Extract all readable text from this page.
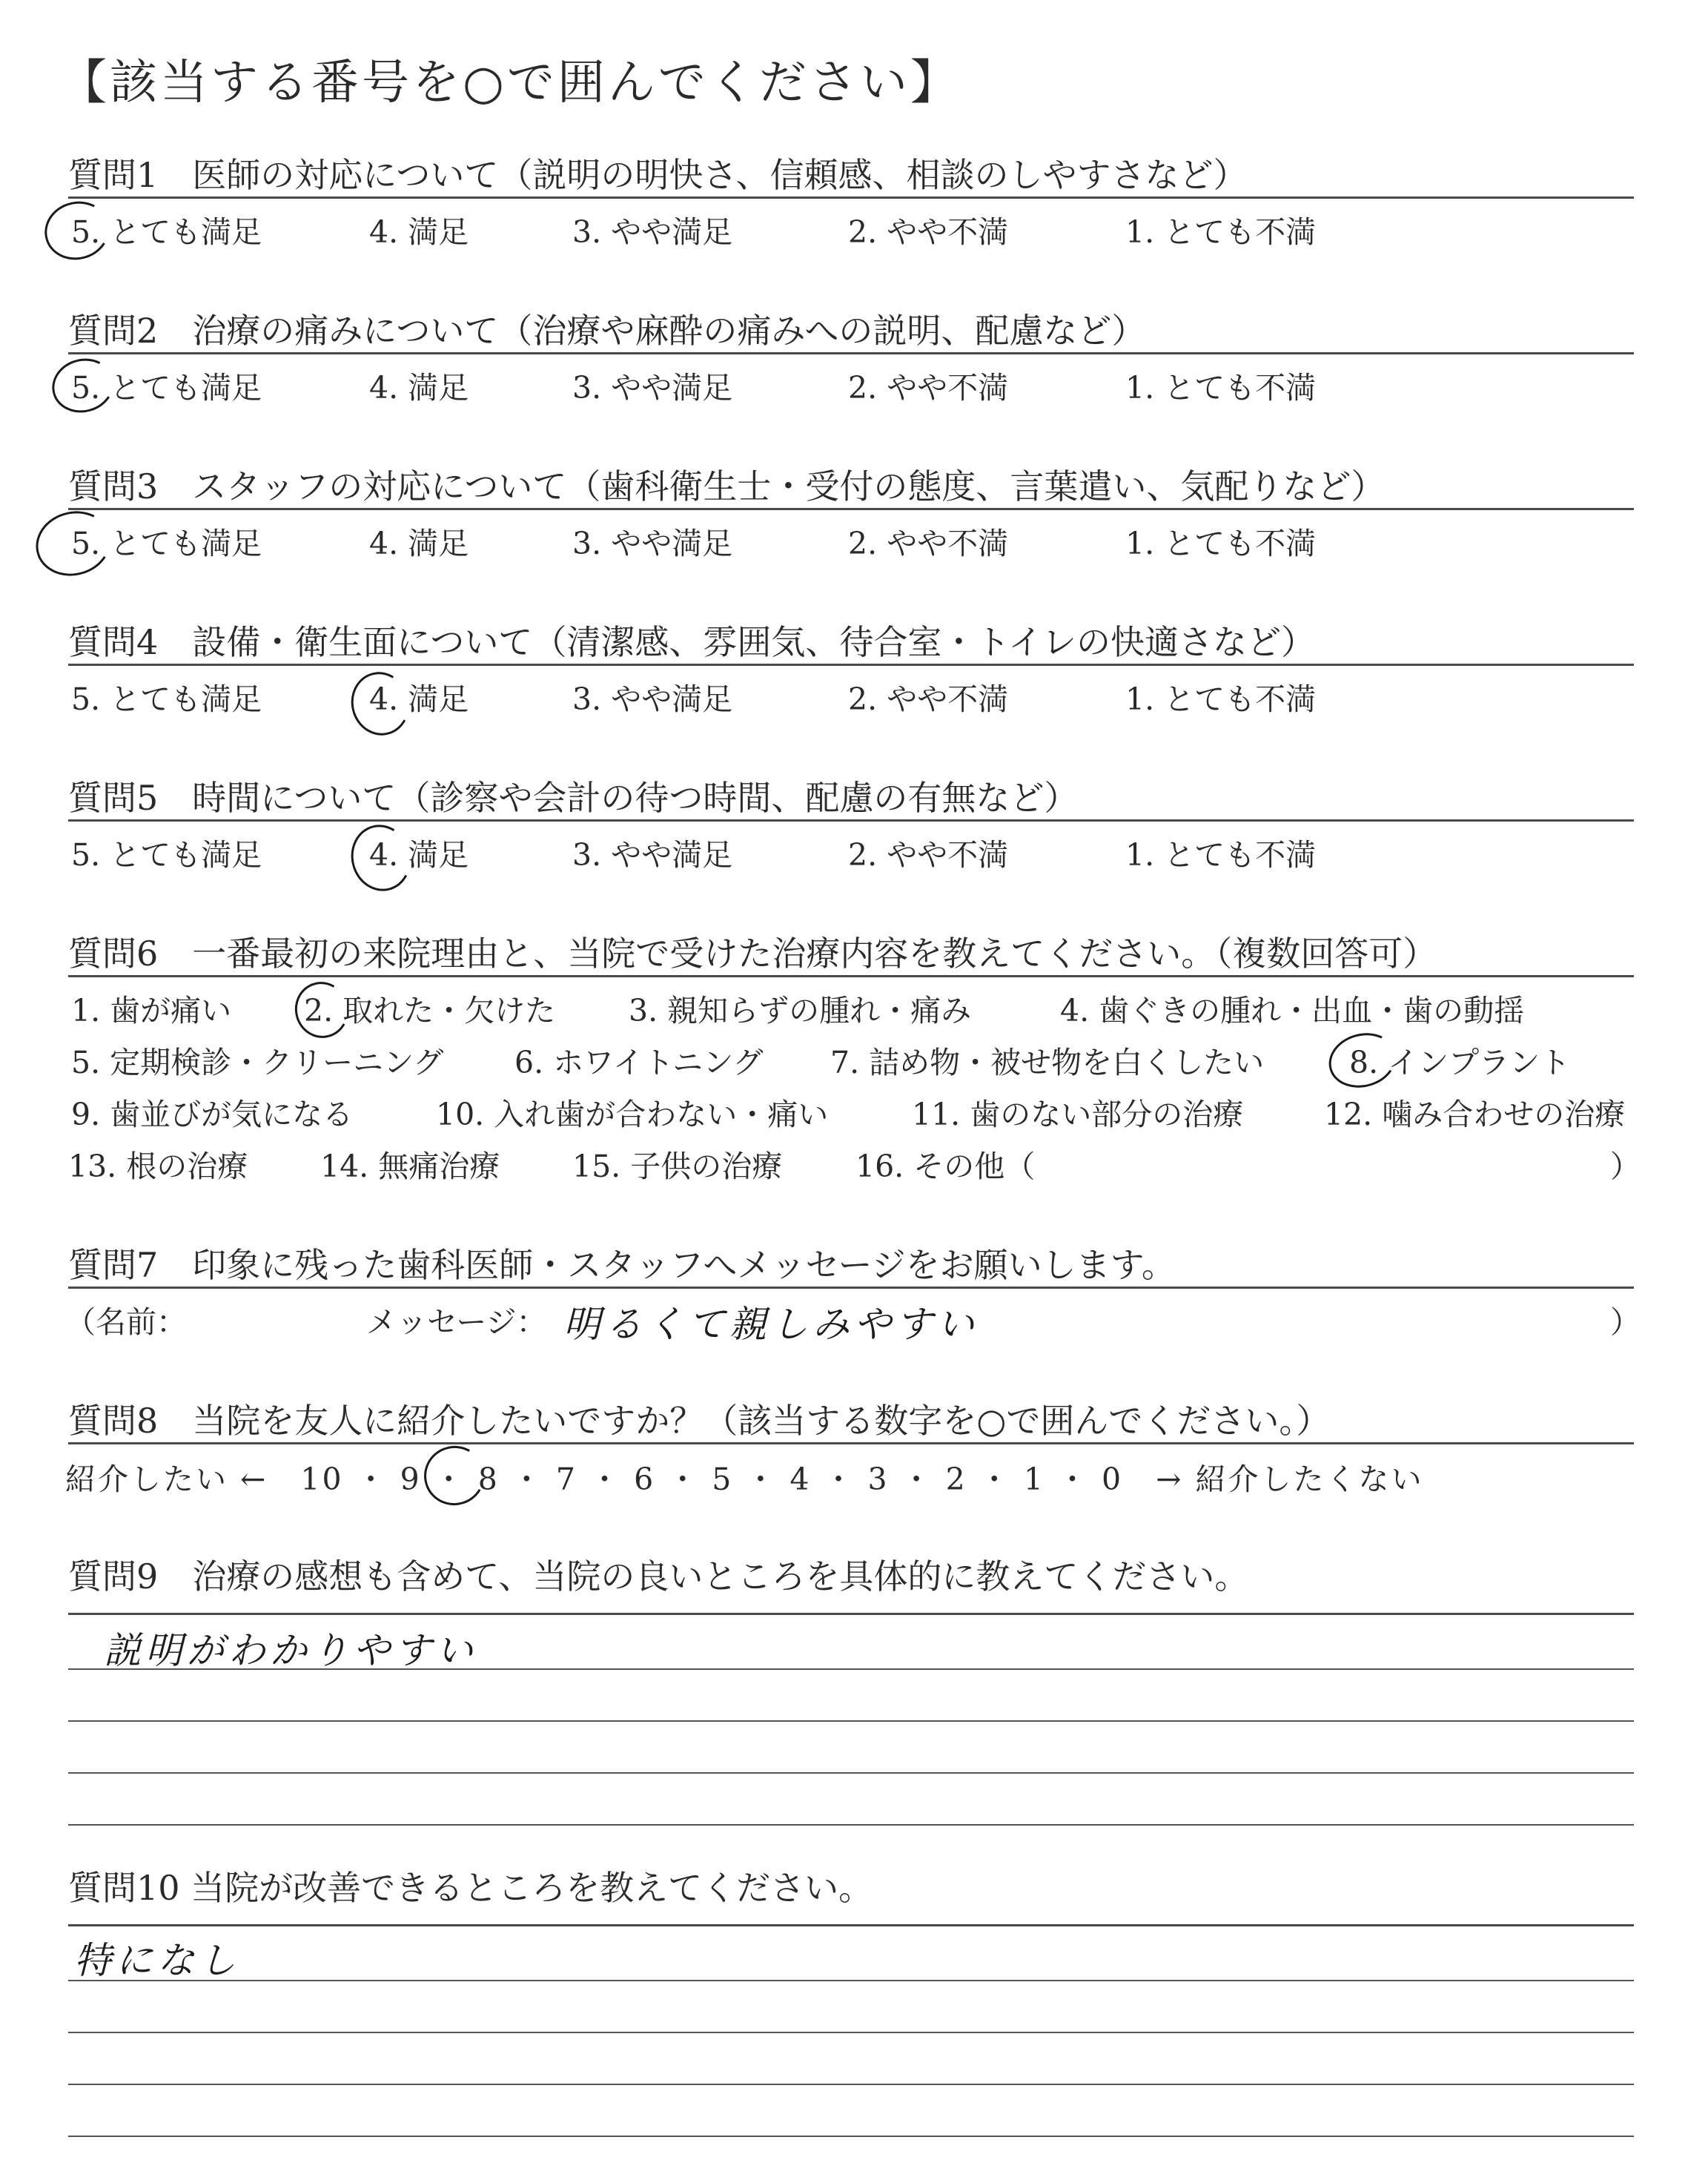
【該当する番号を○で囲んでください】
質問1　医師の対応について（説明の明快さ、信頼感、相談のしやすさなど）
5. とても満足	4. 満足	3. やや満足	2. やや不満	1. とても不満
質問2　治療の痛みについて（治療や麻酔の痛みへの説明、配慮など）
5. とても満足	4. 満足	3. やや満足	2. やや不満	1. とても不満
質問3　スタッフの対応について（歯科衛生士・受付の態度、言葉遣い、気配りなど）
5. とても満足	4. 満足	3. やや満足	2. やや不満	1. とても不満
質問4　設備・衛生面について（清潔感、雰囲気、待合室・トイレの快適さなど）
5. とても満足	4. 満足	3. やや満足	2. やや不満	1. とても不満
質問5　時間について（診察や会計の待つ時間、配慮の有無など）
5. とても満足	4. 満足	3. やや満足	2. やや不満	1. とても不満
質問6　一番最初の来院理由と、当院で受けた治療内容を教えてください。（複数回答可）
1. 歯が痛い 2. 取れた・欠けた 3. 親知らずの腫れ・痛み	4. 歯ぐきの腫れ・出血・歯の動揺
5. 定期検診・クリーニング 6. ホワイトニング 7. 詰め物・被せ物を白くしたい	8. インプラント
9. 歯並びが気になる	10. 入れ歯が合わない・痛い	11. 歯のない部分の治療	12. 噛み合わせの治療
13. 根の治療 14. 無痛治療 15. 子供の治療 16. その他（	）
質問7　印象に残った歯科医師・スタッフへメッセージをお願いします。
（名前：	メッセージ： 明るくて親しみやすい	）
質問8　当院を友人に紹介したいですか？（該当する数字を○で囲んでください。）
紹介したい ←　10 ・ 9 ・ 8 ・ 7 ・ 6 ・ 5 ・ 4 ・ 3 ・ 2 ・ 1 ・ 0　→ 紹介したくない
質問9　治療の感想も含めて、当院の良いところを具体的に教えてください。
説明がわかりやすい
質問10 当院が改善できるところを教えてください。
特になし
